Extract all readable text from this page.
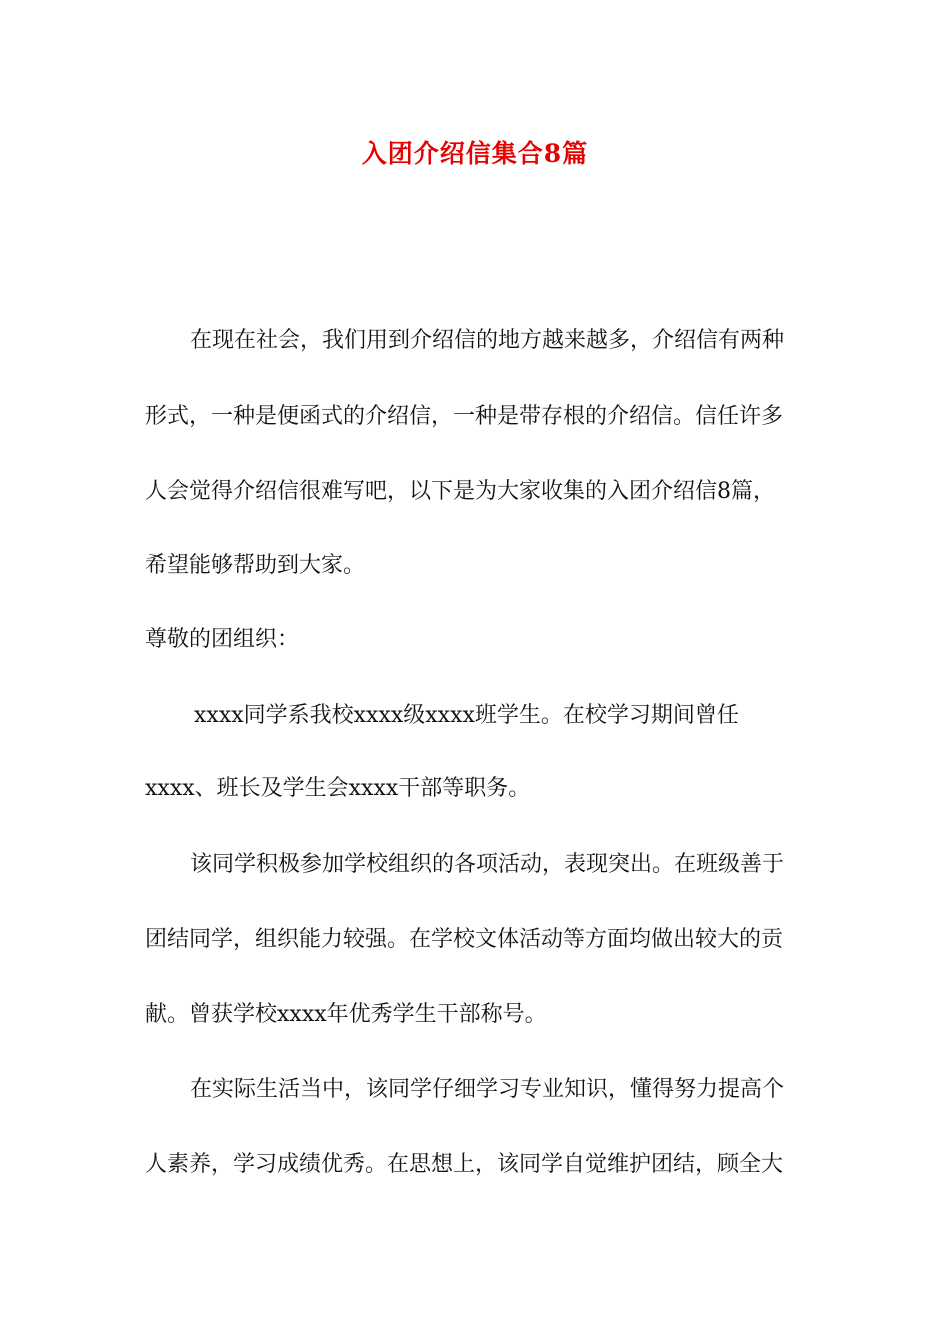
入团介绍信集合8篇

在现在社会，我们用到介绍信的地方越来越多，介绍信有两种

形式，一种是便函式的介绍信，一种是带存根的介绍信。信任许多

人会觉得介绍信很难写吧，以下是为大家收集的入团介绍信8篇，

希望能够帮助到大家。

尊敬的团组织：

xxxx同学系我校xxxx级xxxx班学生。在校学习期间曾任

xxxx、班长及学生会xxxx干部等职务。

该同学积极参加学校组织的各项活动，表现突出。在班级善于

团结同学，组织能力较强。在学校文体活动等方面均做出较大的贡

献。曾获学校xxxx年优秀学生干部称号。

在实际生活当中，该同学仔细学习专业知识，懂得努力提高个

人素养，学习成绩优秀。在思想上，该同学自觉维护团结，顾全大
